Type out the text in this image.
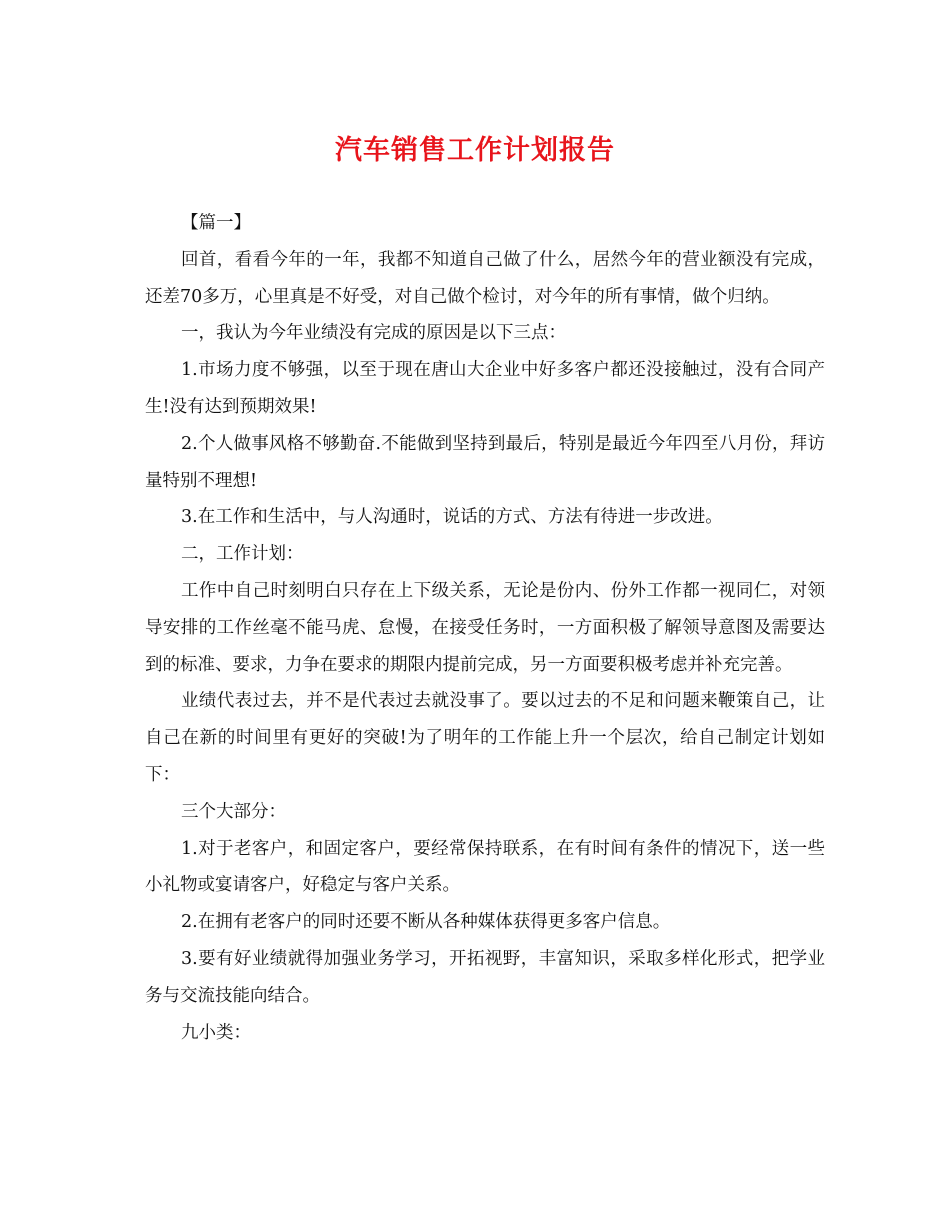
汽车销售工作计划报告

【篇一】

回首，看看今年的一年，我都不知道自己做了什么，居然今年的营业额没有完成，还差70多万，心里真是不好受，对自己做个检讨，对今年的所有事情，做个归纳。

一，我认为今年业绩没有完成的原因是以下三点：

1.市场力度不够强，以至于现在唐山大企业中好多客户都还没接触过，没有合同产生!没有达到预期效果!

2.个人做事风格不够勤奋.不能做到坚持到最后，特别是最近今年四至八月份，拜访量特别不理想!

3.在工作和生活中，与人沟通时，说话的方式、方法有待进一步改进。

二，工作计划：

工作中自己时刻明白只存在上下级关系，无论是份内、份外工作都一视同仁，对领导安排的工作丝毫不能马虎、怠慢，在接受任务时，一方面积极了解领导意图及需要达到的标准、要求，力争在要求的期限内提前完成，另一方面要积极考虑并补充完善。

业绩代表过去，并不是代表过去就没事了。要以过去的不足和问题来鞭策自己，让自己在新的时间里有更好的突破!为了明年的工作能上升一个层次，给自己制定计划如下：

三个大部分：

1.对于老客户，和固定客户，要经常保持联系，在有时间有条件的情况下，送一些小礼物或宴请客户，好稳定与客户关系。

2.在拥有老客户的同时还要不断从各种媒体获得更多客户信息。

3.要有好业绩就得加强业务学习，开拓视野，丰富知识，采取多样化形式，把学业务与交流技能向结合。

九小类：
